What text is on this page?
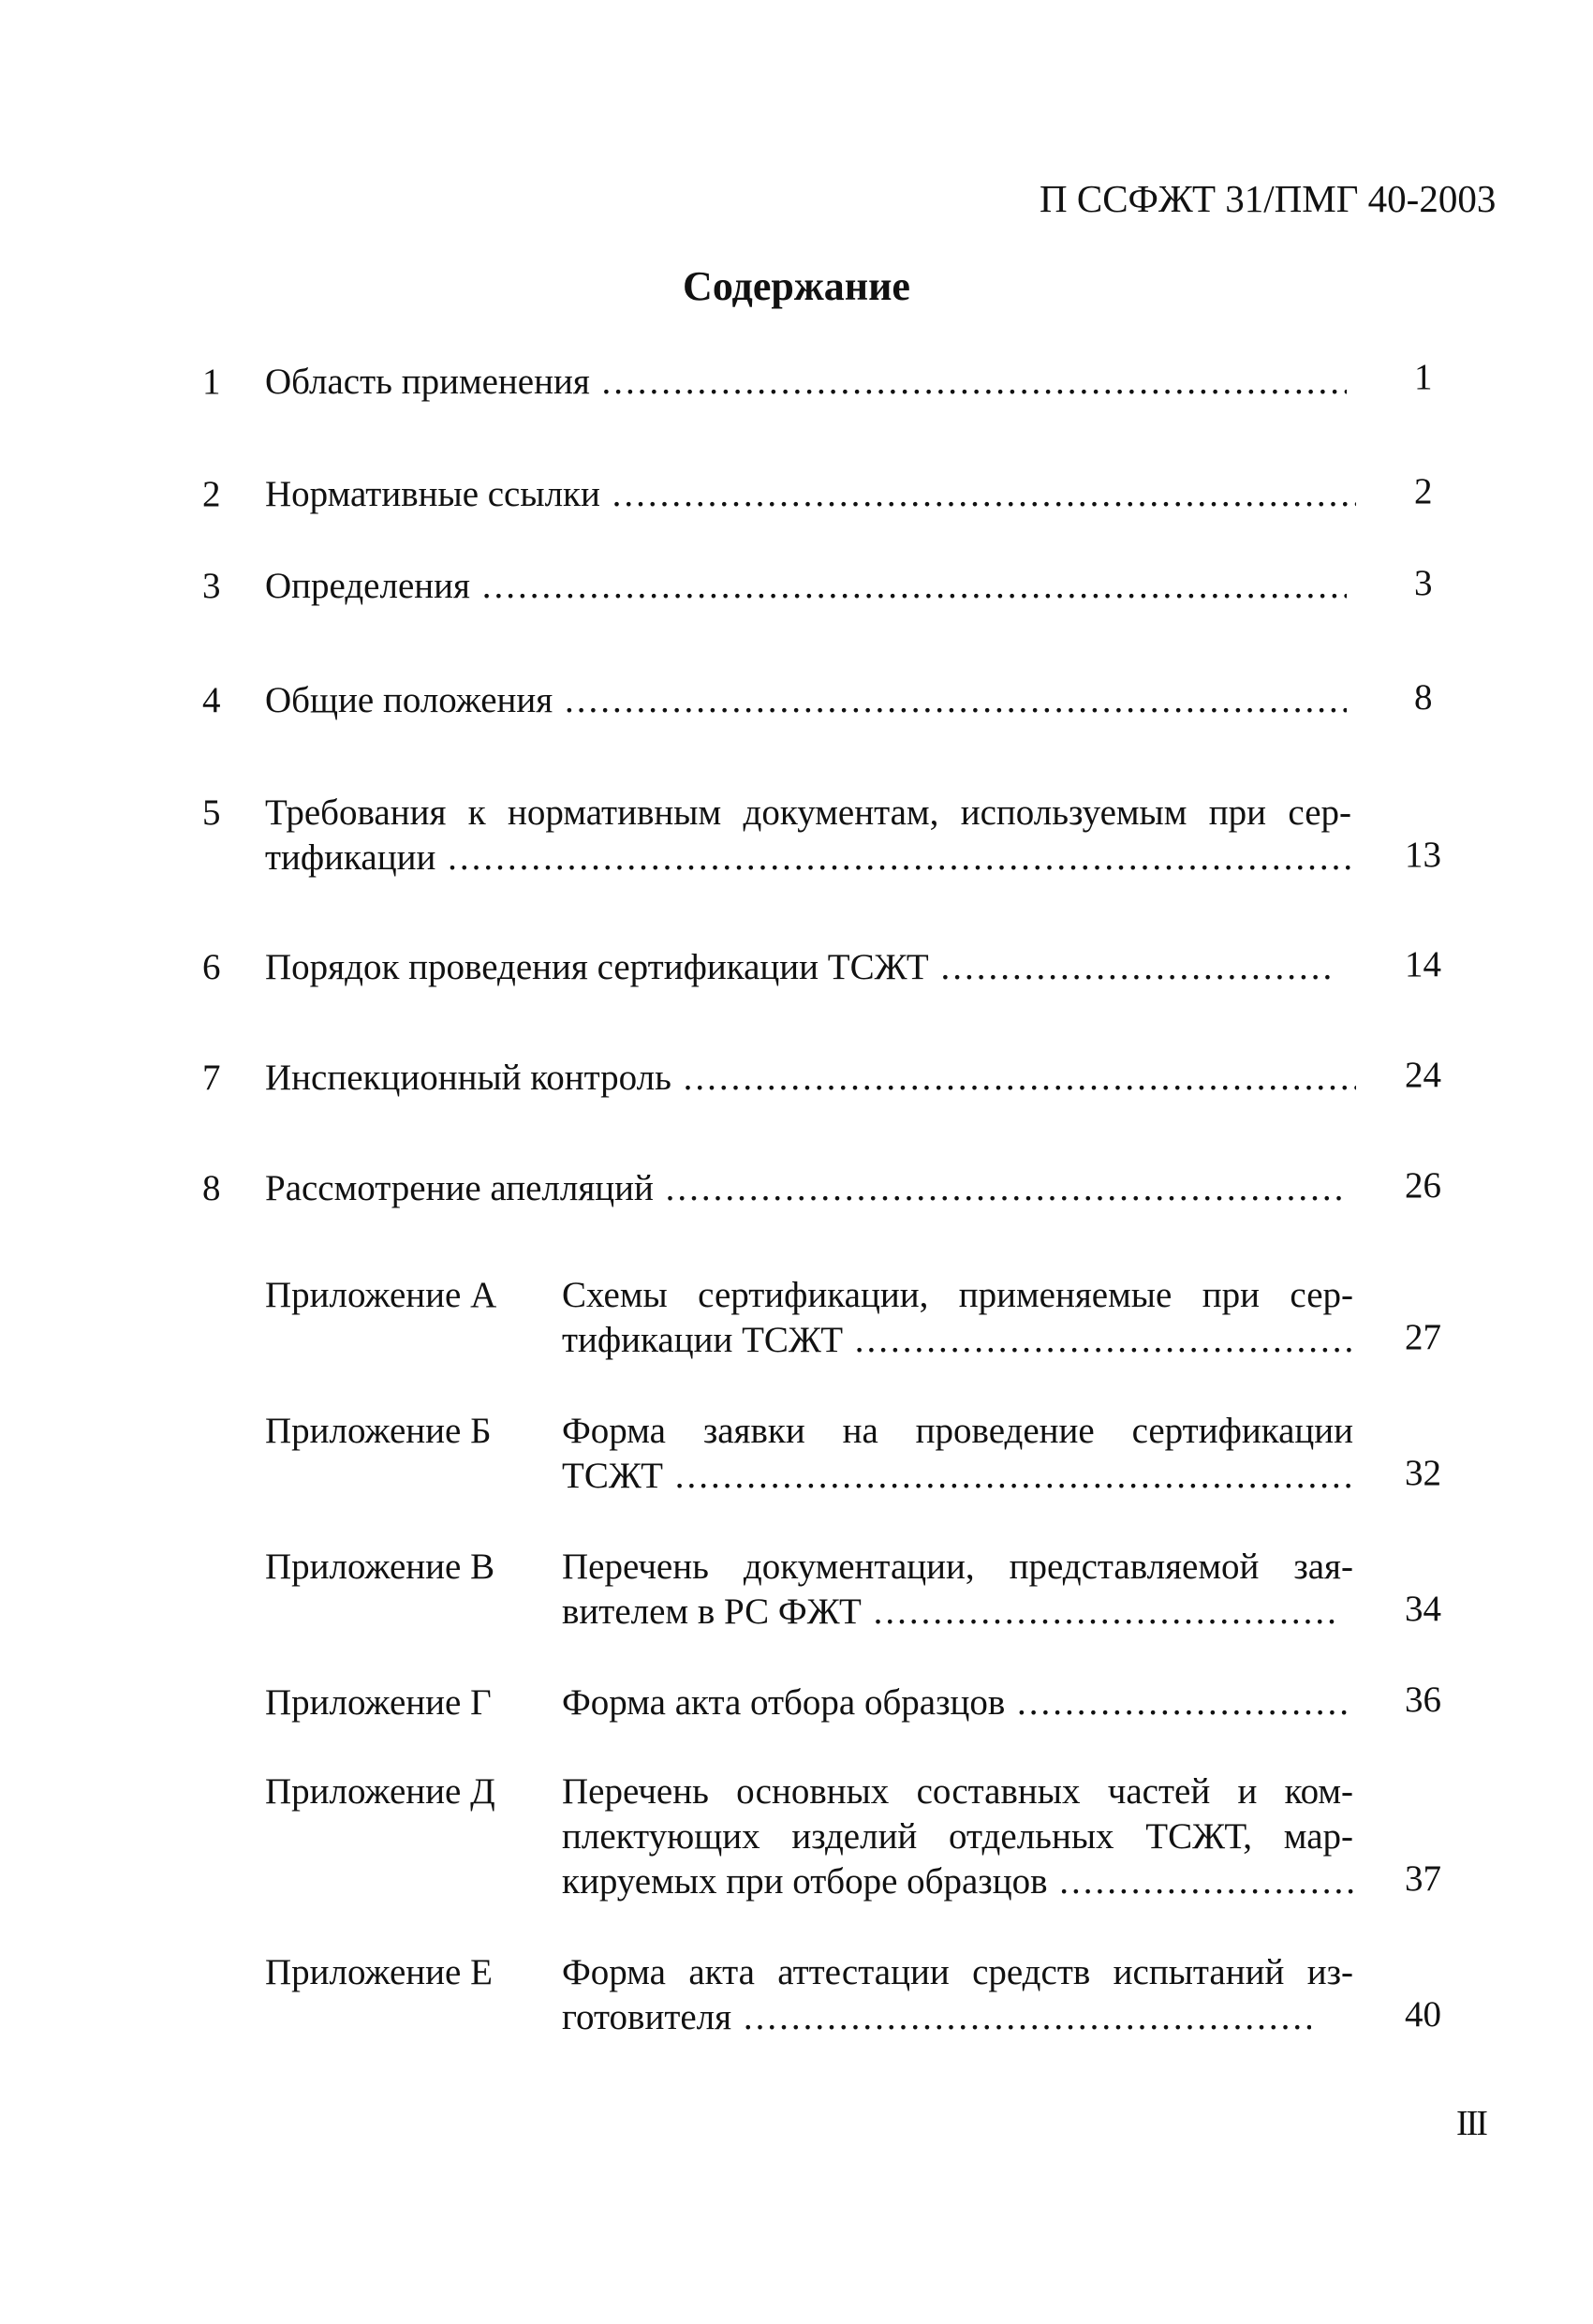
П ССФЖТ 31/ПМГ 40-2003
Содержание
1 Область применения .....	1
2 Нормативные ссылки .....	2
3 Определения .....	3
4 Общие положения .....	8
5 Требования к нормативным документам, используемым при сер-
тификации .....	13
6 Порядок проведения сертификации ТСЖТ .....	14
7 Инспекционный контроль .....	24
8 Рассмотрение апелляций .....	26
Приложение А Схемы сертификации, применяемые при сер-
тификации ТСЖТ .....	27
Приложение Б Форма заявки на проведение сертификации
ТСЖТ .....	32
Приложение В Перечень документации, представляемой зая-
вителем в РС ФЖТ .....	34
Приложение Г Форма акта отбора образцов .....	36
Приложение Д Перечень основных составных частей и ком-
плектующих изделий отдельных ТСЖТ, мар-
кируемых при отборе образцов .....	37
Приложение Е Форма акта аттестации средств испытаний из-
готовителя .....	40
III
